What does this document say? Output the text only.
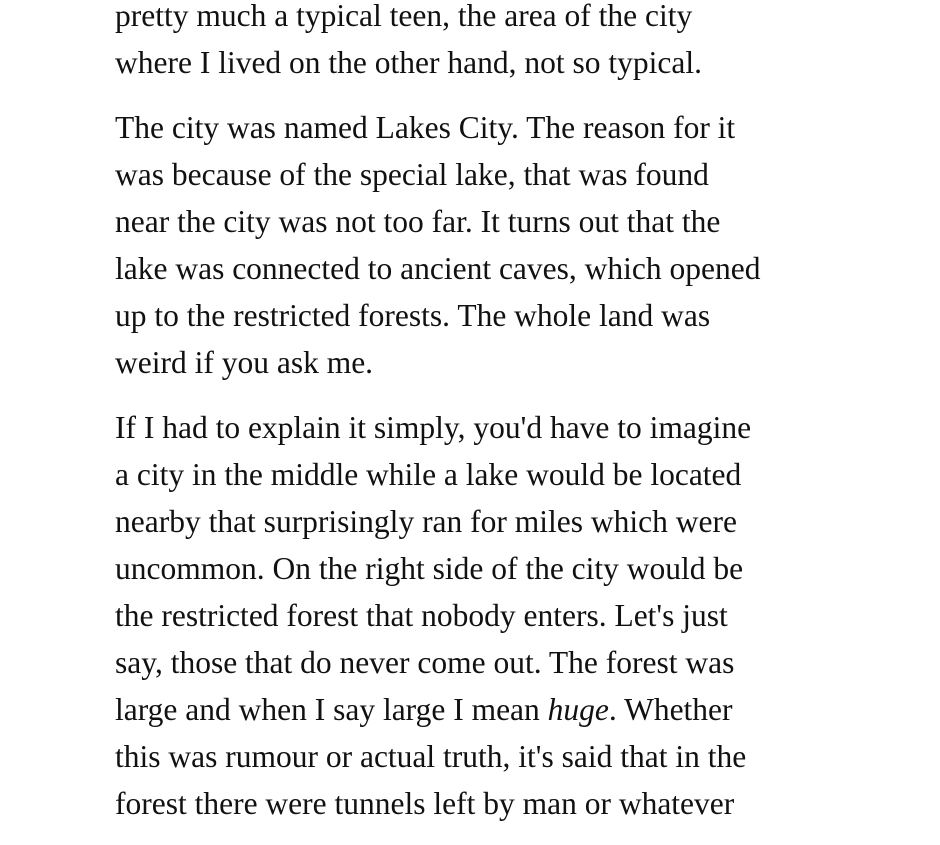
pretty much a typical teen, the area of the city
where I lived on the other hand, not so typical.

The city was named Lakes City. The reason for it
was because of the special lake, that was found
near the city was not too far. It turns out that the
lake was connected to ancient caves, which opened
up to the restricted forests. The whole land was
weird if you ask me.

If I had to explain it simply, you'd have to imagine
a city in the middle while a lake would be located
nearby that surprisingly ran for miles which were
uncommon. On the right side of the city would be
the restricted forest that nobody enters. Let's just
say, those that do never come out. The forest was
large and when I say large I mean huge. Whether
this was rumour or actual truth, it's said that in the
forest there were tunnels left by man or whatever
